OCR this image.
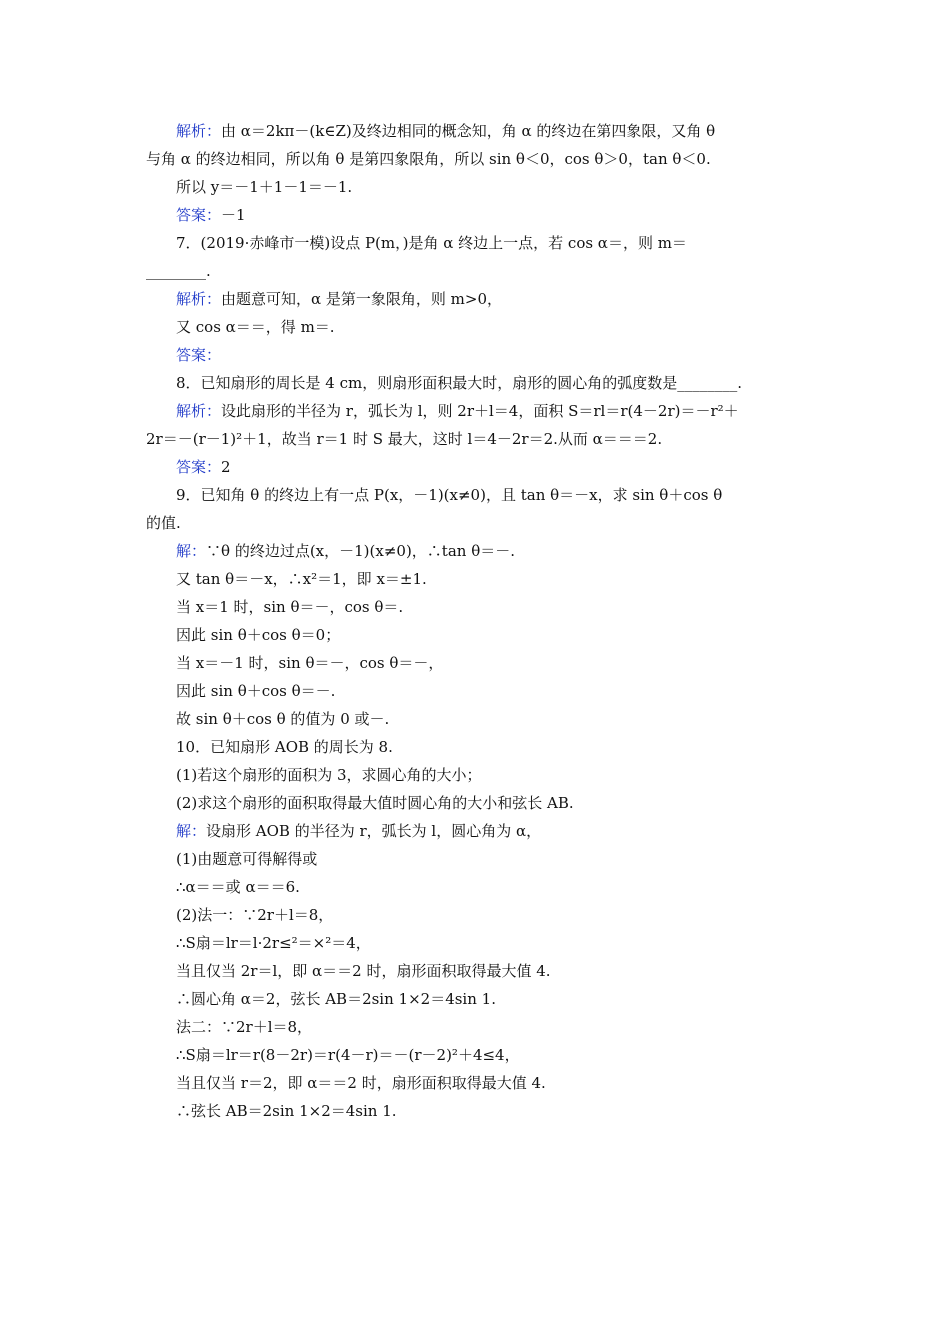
解析：由 α＝2kπ－(k∈Z)及终边相同的概念知，角 α 的终边在第四象限，又角 θ
与角 α 的终边相同，所以角 θ 是第四象限角，所以 sin θ＜0，cos θ＞0，tan θ＜0.
所以 y＝－1＋1－1＝－1.
答案：－1
7．(2019·赤峰市一模)设点 P(m，)是角 α 终边上一点，若 cos α＝，则 m＝
________.
解析：由题意可知，α 是第一象限角，则 m>0，
又 cos α＝＝，得 m＝.
答案：
8．已知扇形的周长是 4 cm，则扇形面积最大时，扇形的圆心角的弧度数是________.
解析：设此扇形的半径为 r，弧长为 l，则 2r＋l＝4，面积 S＝rl＝r(4－2r)＝－r²＋
2r＝－(r－1)²＋1，故当 r＝1 时 S 最大，这时 l＝4－2r＝2.从而 α＝＝＝2.
答案：2
9．已知角 θ 的终边上有一点 P(x，－1)(x≠0)，且 tan θ＝－x，求 sin θ＋cos θ
的值.
解：∵θ 的终边过点(x，－1)(x≠0)，∴tan θ＝－.
又 tan θ＝－x，∴x²＝1，即 x＝±1.
当 x＝1 时，sin θ＝－，cos θ＝.
因此 sin θ＋cos θ＝0；
当 x＝－1 时，sin θ＝－，cos θ＝－，
因此 sin θ＋cos θ＝－.
故 sin θ＋cos θ 的值为 0 或－.
10．已知扇形 AOB 的周长为 8.
(1)若这个扇形的面积为 3，求圆心角的大小；
(2)求这个扇形的面积取得最大值时圆心角的大小和弦长 AB.
解：设扇形 AOB 的半径为 r，弧长为 l，圆心角为 α，
(1)由题意可得解得或
∴α＝＝或 α＝＝6.
(2)法一：∵2r＋l＝8，
∴S扇＝lr＝l·2r≤²＝×²＝4，
当且仅当 2r＝l，即 α＝＝2 时，扇形面积取得最大值 4.
∴圆心角 α＝2，弦长 AB＝2sin 1×2＝4sin 1.
法二：∵2r＋l＝8，
∴S扇＝lr＝r(8－2r)＝r(4－r)＝－(r－2)²＋4≤4，
当且仅当 r＝2，即 α＝＝2 时，扇形面积取得最大值 4.
∴弦长 AB＝2sin 1×2＝4sin 1.
